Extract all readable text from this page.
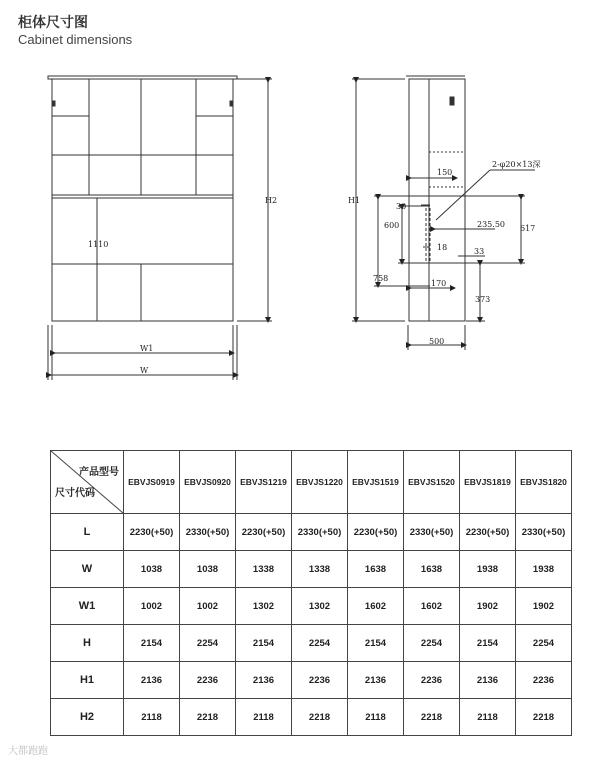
柜体尺寸图
Cabinet dimensions
H2
1110
W1
W
H1
150
2-φ20×13深
30
235.50
600	617
18	33
758
170
373
500
产品型号
尺寸代码	EBVJS0919	EBVJS0920	EBVJS1219	EBVJS1220	EBVJS1519	EBVJS1520	EBVJS1819	EBVJS1820
L	2230(+50)	2330(+50)	2230(+50)	2330(+50)	2230(+50)	2330(+50)	2230(+50)	2330(+50)
W	1038	1038	1338	1338	1638	1638	1938	1938
W1	1002	1002	1302	1302	1602	1602	1902	1902
H	2154	2254	2154	2254	2154	2254	2154	2254
H1	2136	2236	2136	2236	2136	2236	2136	2236
H2	2118	2218	2118	2218	2118	2218	2118	2218
大都跑跑
